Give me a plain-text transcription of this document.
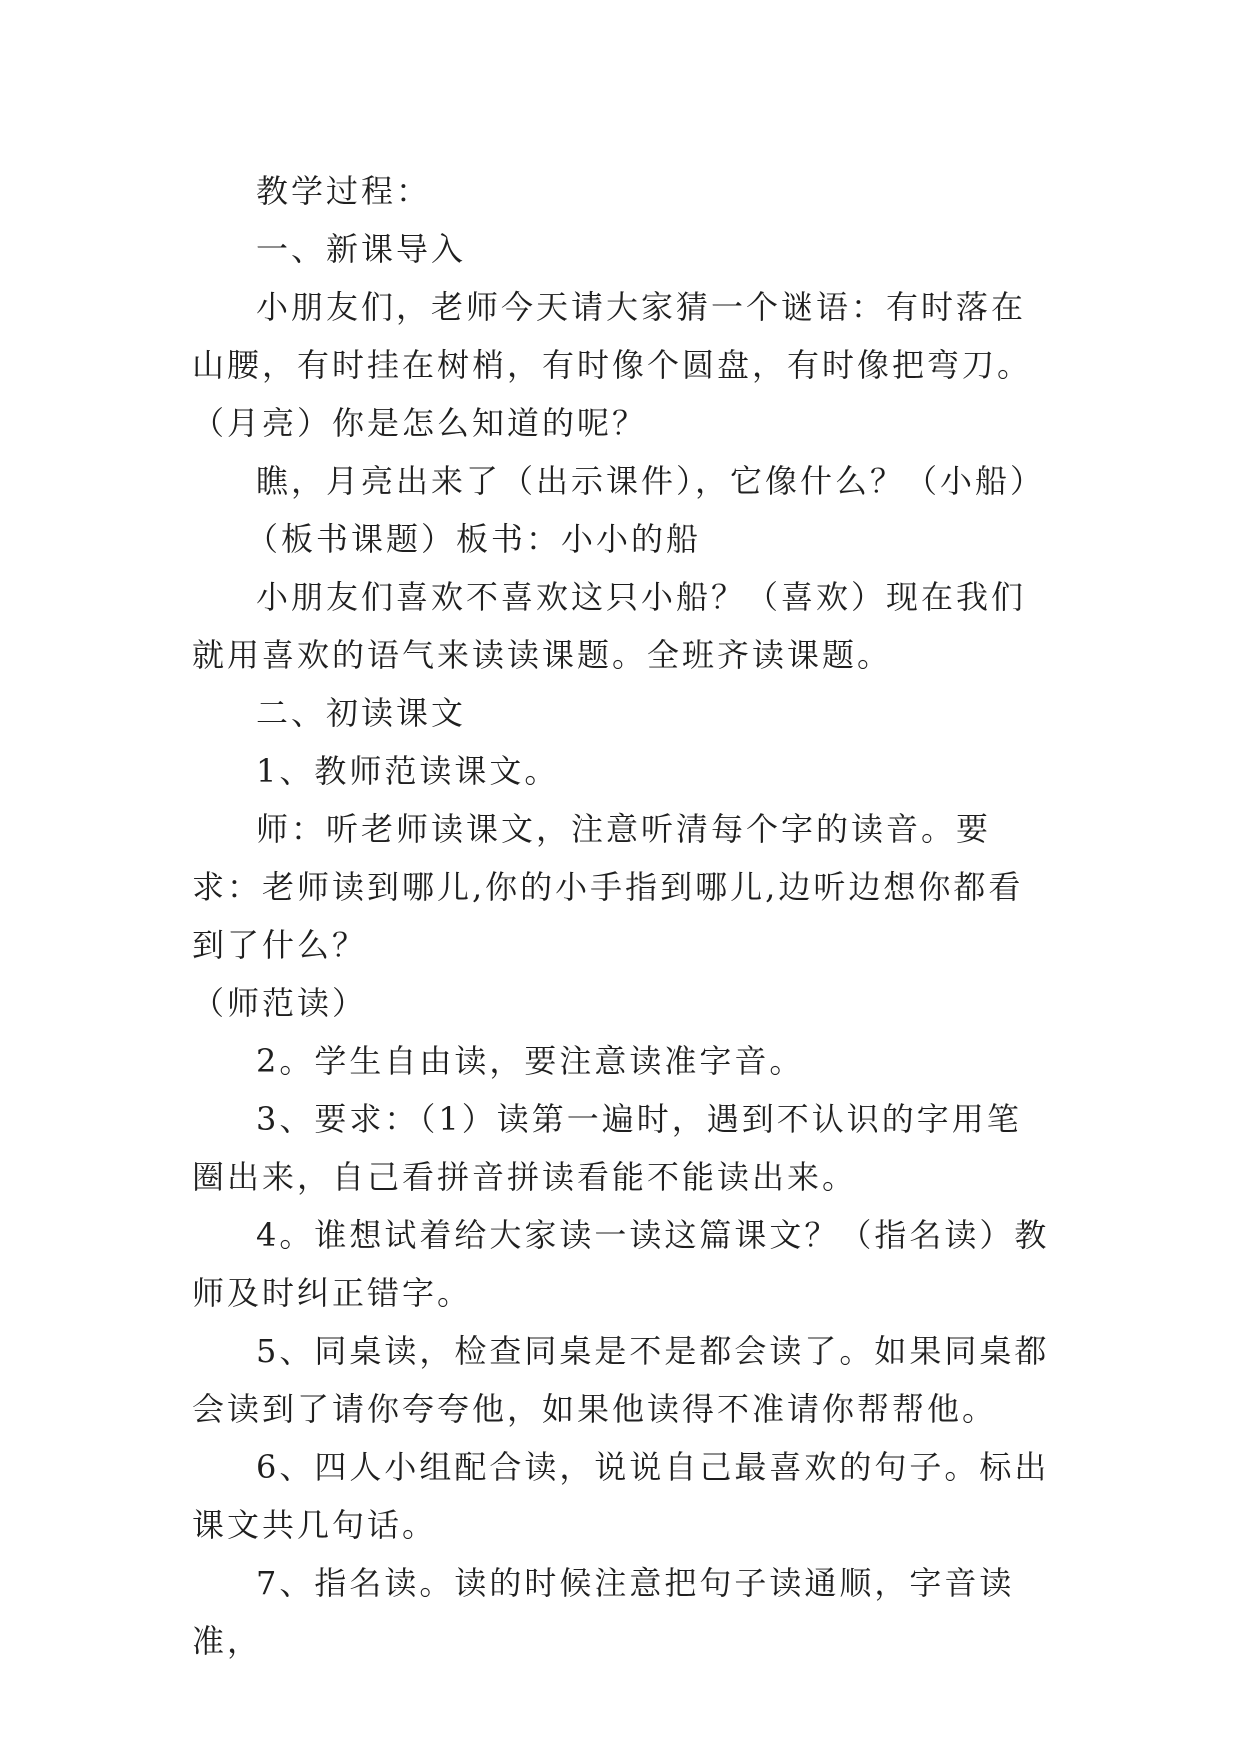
教学过程：

一、新课导入

小朋友们，老师今天请大家猜一个谜语：有时落在山腰，有时挂在树梢，有时像个圆盘，有时像把弯刀。（月亮）你是怎么知道的呢？

瞧，月亮出来了（出示课件），它像什么？（小船）

（板书课题）板书：小小的船

小朋友们喜欢不喜欢这只小船？（喜欢）现在我们就用喜欢的语气来读读课题。全班齐读课题。

二、初读课文

1、教师范读课文。

师：听老师读课文，注意听清每个字的读音。要求：老师读到哪儿,你的小手指到哪儿,边听边想你都看到了什么？

（师范读）

2。学生自由读，要注意读准字音。

3、要求：（1）读第一遍时，遇到不认识的字用笔圈出来，自己看拼音拼读看能不能读出来。

4。谁想试着给大家读一读这篇课文？（指名读）教师及时纠正错字。

5、同桌读，检查同桌是不是都会读了。如果同桌都会读到了请你夸夸他，如果他读得不准请你帮帮他。

6、四人小组配合读，说说自己最喜欢的句子。标出课文共几句话。

7、指名读。读的时候注意把句子读通顺，字音读准，
